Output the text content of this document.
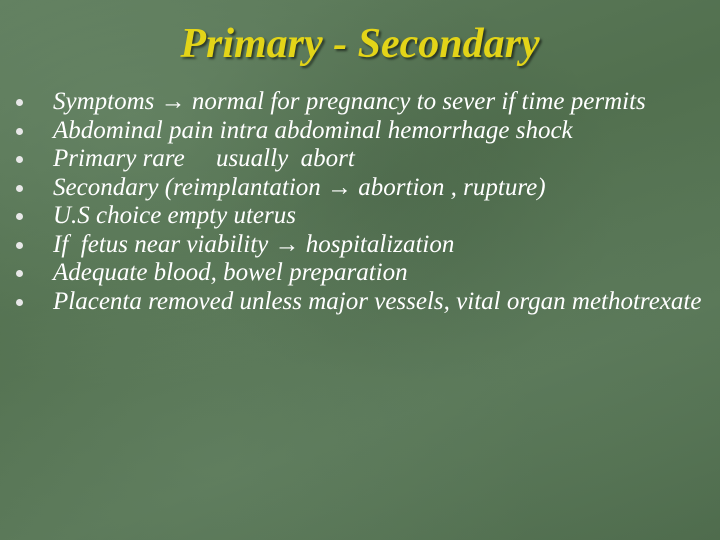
Primary - Secondary
Symptoms → normal for pregnancy to sever if time permits
Abdominal pain intra abdominal hemorrhage shock
Primary rare     usually  abort
Secondary (reimplantation → abortion , rupture)
U.S choice empty uterus
If  fetus near viability → hospitalization
Adequate blood, bowel preparation
Placenta removed unless major vessels, vital organ methotrexate
